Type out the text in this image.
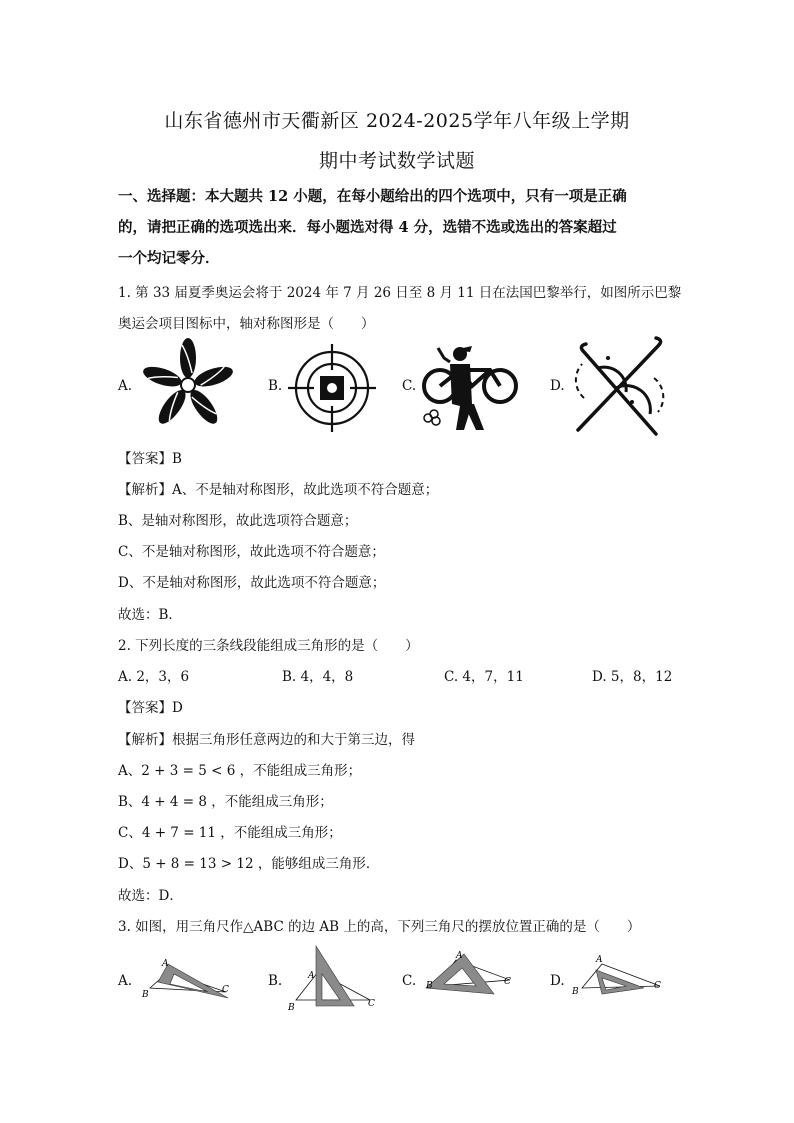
山东省德州市天衢新区 2024-2025学年八年级上学期
期中考试数学试题
一、选择题：本大题共 12 小题，在每小题给出的四个选项中，只有一项是正确
的，请把正确的选项选出来．每小题选对得 4 分，选错不选或选出的答案超过
一个均记零分．
1. 第 33 届夏季奥运会将于 2024 年 7 月 26 日至 8 月 11 日在法国巴黎举行，如图所示巴黎
奥运会项目图标中，轴对称图形是（　　）
A.	B.	C.	D.
【答案】B
【解析】A、不是轴对称图形，故此选项不符合题意；
B、是轴对称图形，故此选项符合题意；
C、不是轴对称图形，故此选项不符合题意；
D、不是轴对称图形，故此选项不符合题意；
故选：B．
2. 下列长度的三条线段能组成三角形的是（　　）
A. 2，3，6	B. 4，4，8	C. 4，7，11	D. 5，8，12
【答案】D
【解析】根据三角形任意两边的和大于第三边，得
A、2 + 3 = 5 < 6 ，不能组成三角形；
B、4 + 4 = 8 ，不能组成三角形；
C、4 + 7 = 11 ，不能组成三角形；
D、5 + 8 = 13 > 12 ，能够组成三角形．
故选：D．
3. 如图，用三角尺作△ABC 的边 AB 上的高，下列三角尺的摆放位置正确的是（　　）
A.	B.	C.	D.
A
B	C
A
B	C
A
B	C
A
B
C
